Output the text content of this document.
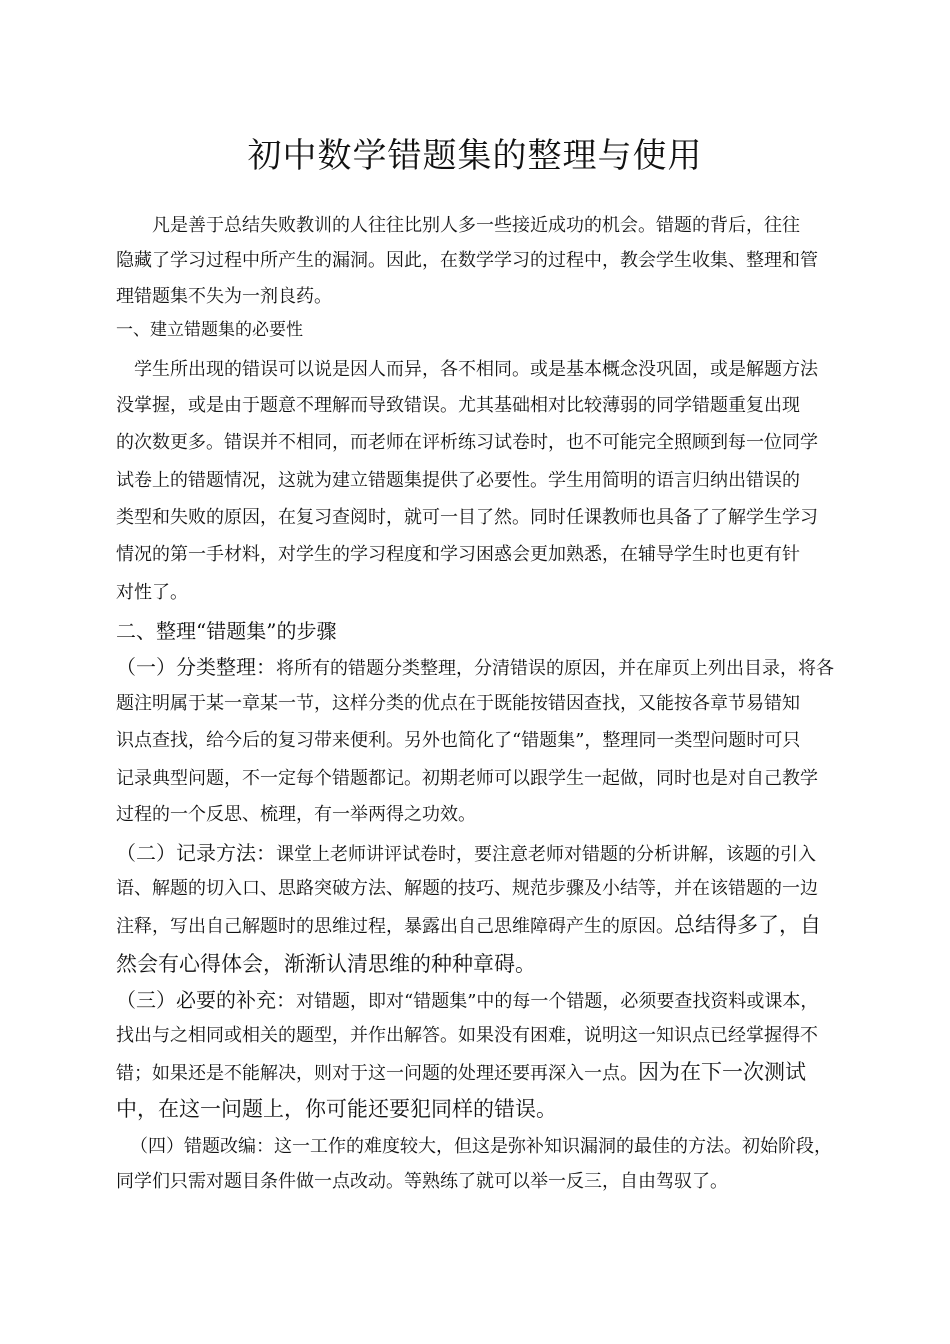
初中数学错题集的整理与使用
凡是善于总结失败教训的人往往比别人多一些接近成功的机会。错题的背后，往往
隐藏了学习过程中所产生的漏洞。因此，在数学学习的过程中，教会学生收集、整理和管
理错题集不失为一剂良药。
一、建立错题集的必要性
学生所出现的错误可以说是因人而异，各不相同。或是基本概念没巩固，或是解题方法
没掌握，或是由于题意不理解而导致错误。尤其基础相对比较薄弱的同学错题重复出现
的次数更多。错误并不相同，而老师在评析练习试卷时，也不可能完全照顾到每一位同学
试卷上的错题情况，这就为建立错题集提供了必要性。学生用简明的语言归纳出错误的
类型和失败的原因，在复习查阅时，就可一目了然。同时任课教师也具备了了解学生学习
情况的第一手材料，对学生的学习程度和学习困惑会更加熟悉，在辅导学生时也更有针
对性了。
二、整理“错题集”的步骤
（一）分类整理：将所有的错题分类整理，分清错误的原因，并在扉页上列出目录，将各
题注明属于某一章某一节，这样分类的优点在于既能按错因查找，又能按各章节易错知
识点查找，给今后的复习带来便利。另外也简化了“错题集”，整理同一类型问题时可只
记录典型问题，不一定每个错题都记。初期老师可以跟学生一起做，同时也是对自己教学
过程的一个反思、梳理，有一举两得之功效。
（二）记录方法：课堂上老师讲评试卷时，要注意老师对错题的分析讲解，该题的引入
语、解题的切入口、思路突破方法、解题的技巧、规范步骤及小结等，并在该错题的一边
注释，写出自己解题时的思维过程，暴露出自己思维障碍产生的原因。总结得多了，自
然会有心得体会，渐渐认清思维的种种章碍。
（三）必要的补充：对错题，即对“错题集”中的每一个错题，必须要查找资料或课本，
找出与之相同或相关的题型，并作出解答。如果没有困难，说明这一知识点已经掌握得不
错；如果还是不能解决，则对于这一问题的处理还要再深入一点。因为在下一次测试
中，在这一问题上，你可能还要犯同样的错误。
（四）错题改编：这一工作的难度较大，但这是弥补知识漏洞的最佳的方法。初始阶段，
同学们只需对题目条件做一点改动。等熟练了就可以举一反三，自由驾驭了。
